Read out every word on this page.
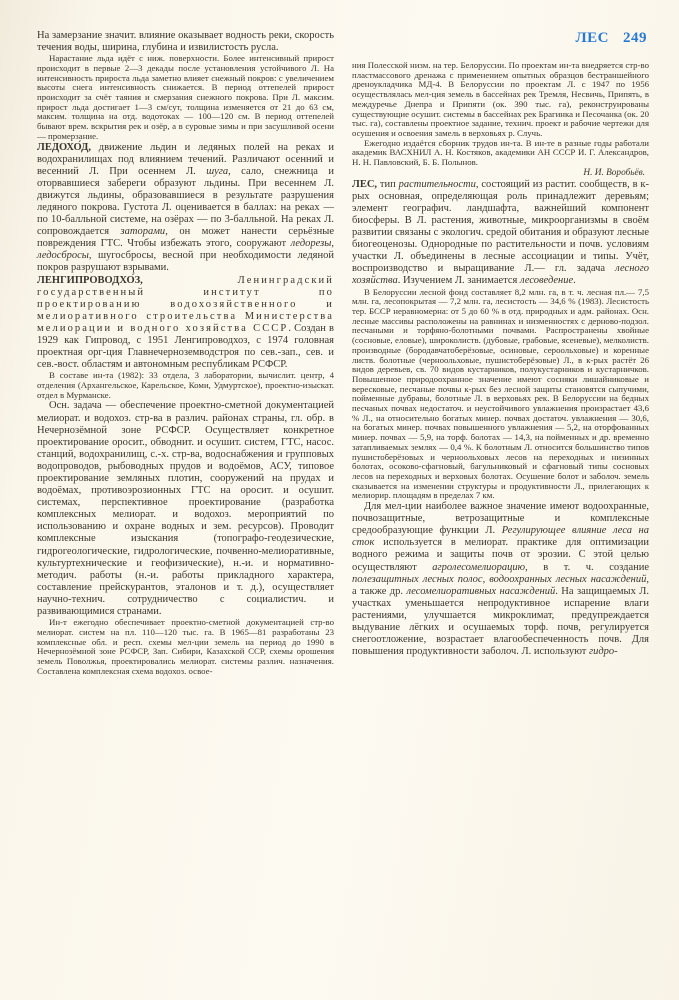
На замерзание значит. влияние оказывает водность реки, скорость течения воды, ширина, глубина и извилистость русла.

Нарастание льда идёт с ниж. поверхности. Более интенсивный прирост происходит в первые 2—3 декады после установления устойчивого Л. На интенсивность прироста льда заметно влияет снежный покров: с увеличением высоты снега интенсивность снижается. В период оттепелей прирост происходит за счёт таяния и смерзания снежного покрова. При Л. максим. прирост льда достигает 1—3 см/сут, толщина изменяется от 21 до 63 см, максим. толщина на отд. водотоках — 100—120 см. В период оттепелей бывают врем. вскрытия рек и озёр, а в суровые зимы и при засушливой осени — промерзание.

ЛЕДОХО́Д, движение льдин и ледяных полей на реках и водохранилищах под влиянием течений. Различают осенний и весенний Л. При осеннем Л. шуга, сало, снежница и оторвавшиеся забереги образуют льдины. При весеннем Л. движутся льдины, образовавшиеся в результате разрушения ледяного покрова. Густота Л. оценивается в баллах: на реках — по 10-балльной системе, на озёрах — по 3-балльной. На реках Л. сопровождается заторами, он может нанести серьёзные повреждения ГТС. Чтобы избежать этого, сооружают ледорезы, ледосбросы, шугосбросы, весной при необходимости ледяной покров разрушают взрывами.

ЛЕНГИПРОВОДХО́З, Ленинградский государственный институт по проектированию водохозяйственного и мелиоративного строительства Министерства мелиорации и водного хозяйства СССР. Создан в 1929 как Гипровод, с 1951 Ленгипроводхоз, с 1974 головная проектная орг-ция Главнечерноземводстроя по сев.-зап., сев. и сев.-вост. областям и автономным республикам РСФСР.

В составе ин-та (1982): 33 отдела, 3 лаборатории, вычислит. центр, 4 отделения (Архангельское, Карельское, Коми, Удмуртское), проектно-изыскат. отдел в Мурманске.

Осн. задача — обеспечение проектно-сметной документацией мелиорат. и водохоз. стр-ва в различ. районах страны, гл. обр. в Нечернозёмной зоне РСФСР. Осуществляет конкретное проектирование оросит., обводнит. и осушит. систем, ГТС, насос. станций, водохранилищ, с.-х. стр-ва, водоснабжения и групповых водопроводов, рыбоводных прудов и водоёмов, АСУ, типовое проектирование земляных плотин, сооружений на прудах и водоёмах, противоэрозионных ГТС на оросит. и осушит. системах, перспективное проектирование (разработка комплексных мелиорат. и водохоз. мероприятий по использованию и охране водных и зем. ресурсов). Проводит комплексные изыскания (топографо-геодезические, гидрогеологические, гидрологические, почвенно-мелиоративные, культуртехнические и геофизические), н.-и. и нормативно-методич. работы (н.-и. работы прикладного характера, составление прейскурантов, эталонов и т. д.), осуществляет научно-технич. сотрудничество с социалистич. и развивающимися странами.

Ин-т ежегодно обеспечивает проектно-сметной документацией стр-во мелиорат. систем на пл. 110—120 тыс. га. В 1965—81 разработаны 23 комплексные обл. и респ. схемы мел-ции земель на период до 1990 в Нечернозёмной зоне РСФСР, Зап. Сибири, Казахской ССР, схемы орошения земель Поволжья, проектировались мелиорат. системы различ. назначения. Составлена комплексная схема водохоз. освое-

ЛЕС 249

ния Полесской низм. на тер. Белоруссии. По проектам ин-та внедряется стр-во пластмассового дренажа с применением опытных образцов бестраншейного дреноукладчика МД-4. В Белоруссии по проектам Л. с 1947 по 1956 осуществлялась мел-ция земель в бассейнах рек Тремля, Несвичь, Припять, в междуречье Днепра и Припяти (ок. 390 тыс. га), реконструированы существующие осушит. системы в бассейнах рек Брагинка и Песочанка (ок. 20 тыс. га), составлены проектное задание, технич. проект и рабочие чертежи для осушения и освоения замель в верховьях р. Случь.

Ежегодно издаётся сборник трудов ин-та. В ин-те в разные годы работали академик ВАСХНИЛ А. Н. Костяков, академики АН СССР И. Г. Александров, Н. Н. Павловский, Б. Б. Полынов.

Н. И. Воробьёв.

ЛЕС, тип растительности, состоящий из растит. сообществ, в к-рых основная, определяющая роль принадлежит деревьям; элемент географич. ландшафта, важнейший компонент биосферы. В Л. растения, животные, микроорганизмы в своём развитии связаны с экологич. средой обитания и образуют лесные биогеоценозы. Однородные по растительности и почв. условиям участки Л. объединены в лесные ассоциации и типы. Учёт, воспроизводство и выращивание Л.— гл. задача лесного хозяйства. Изучением Л. занимается лесоведение.

В Белоруссии лесной фонд составляет 8,2 млн. га, в т. ч. лесная пл.— 7,5 млн. га, лесопокрытая — 7,2 млн. га, лесистость — 34,6 % (1983). Лесистость тер. БССР неравномерна: от 5 до 60 % в отд. природных и адм. районах. Осн. лесные массивы расположены на равнинах и низменностях с дерново-подзол. песчаными и торфяно-болотными почвами. Распространены хвойные (сосновые, еловые), широколиств. (дубовые, грабовые, ясеневые), мелколиств. производные (бородавчатоберёзовые, осиновые, сероольховые) и коренные листв. болотные (черноольховые, пушистоберёзовые) Л., в к-рых растёт 26 видов деревьев, св. 70 видов кустарников, полукустарников и кустарничков. Повышенное природоохранное значение имеют сосняки лишайниковые и вересковые, песчаные почвы к-рых без лесной защиты становятся сыпучими, пойменные дубравы, болотные Л. в верховьях рек. В Белоруссии на бедных песчаных почвах недостаточ. и неустойчивого увлажнения произрастает 43,6 % Л., на относительно богатых минер. почвах достаточ. увлажнения — 30,6, на богатых минер. почвах повышенного увлажнения — 5,2, на оторфованных минер. почвах — 5,9, на торф. болотах — 14,3, на пойменных и др. временно затапливаемых землях — 0,4 %. К болотным Л. относится большинство типов пушистоберёзовых и черноольховых лесов на переходных и низинных болотах, осоково-сфагновый, багульниковый и сфагновый типы сосновых лесов на переходных и верховых болотах. Осушение болот и заболоч. земель сказывается на изменении структуры и продуктивности Л., прилегающих к мелиорир. площадям в пределах 7 км.

Для мел-ции наиболее важное значение имеют водоохранные, почвозащитные, ветрозащитные и комплексные средообразующие функции Л. Регулирующее влияние леса на сток используется в мелиорат. практике для оптимизации водного режима и защиты почв от эрозии. С этой целью осуществляют агролесомелиорацию, в т. ч. создание полезащитных лесных полос, водоохранных лесных насаждений, а также др. лесомелиоративных насаждений. На защищаемых Л. участках уменьшается непродуктивное испарение влаги растениями, улучшается микроклимат, предупреждается выдувание лёгких и осушаемых торф. почв, регулируется снегоотложение, возрастает влагообеспеченность почв. Для повышения продуктивности заболоч. Л. используют гидро-
